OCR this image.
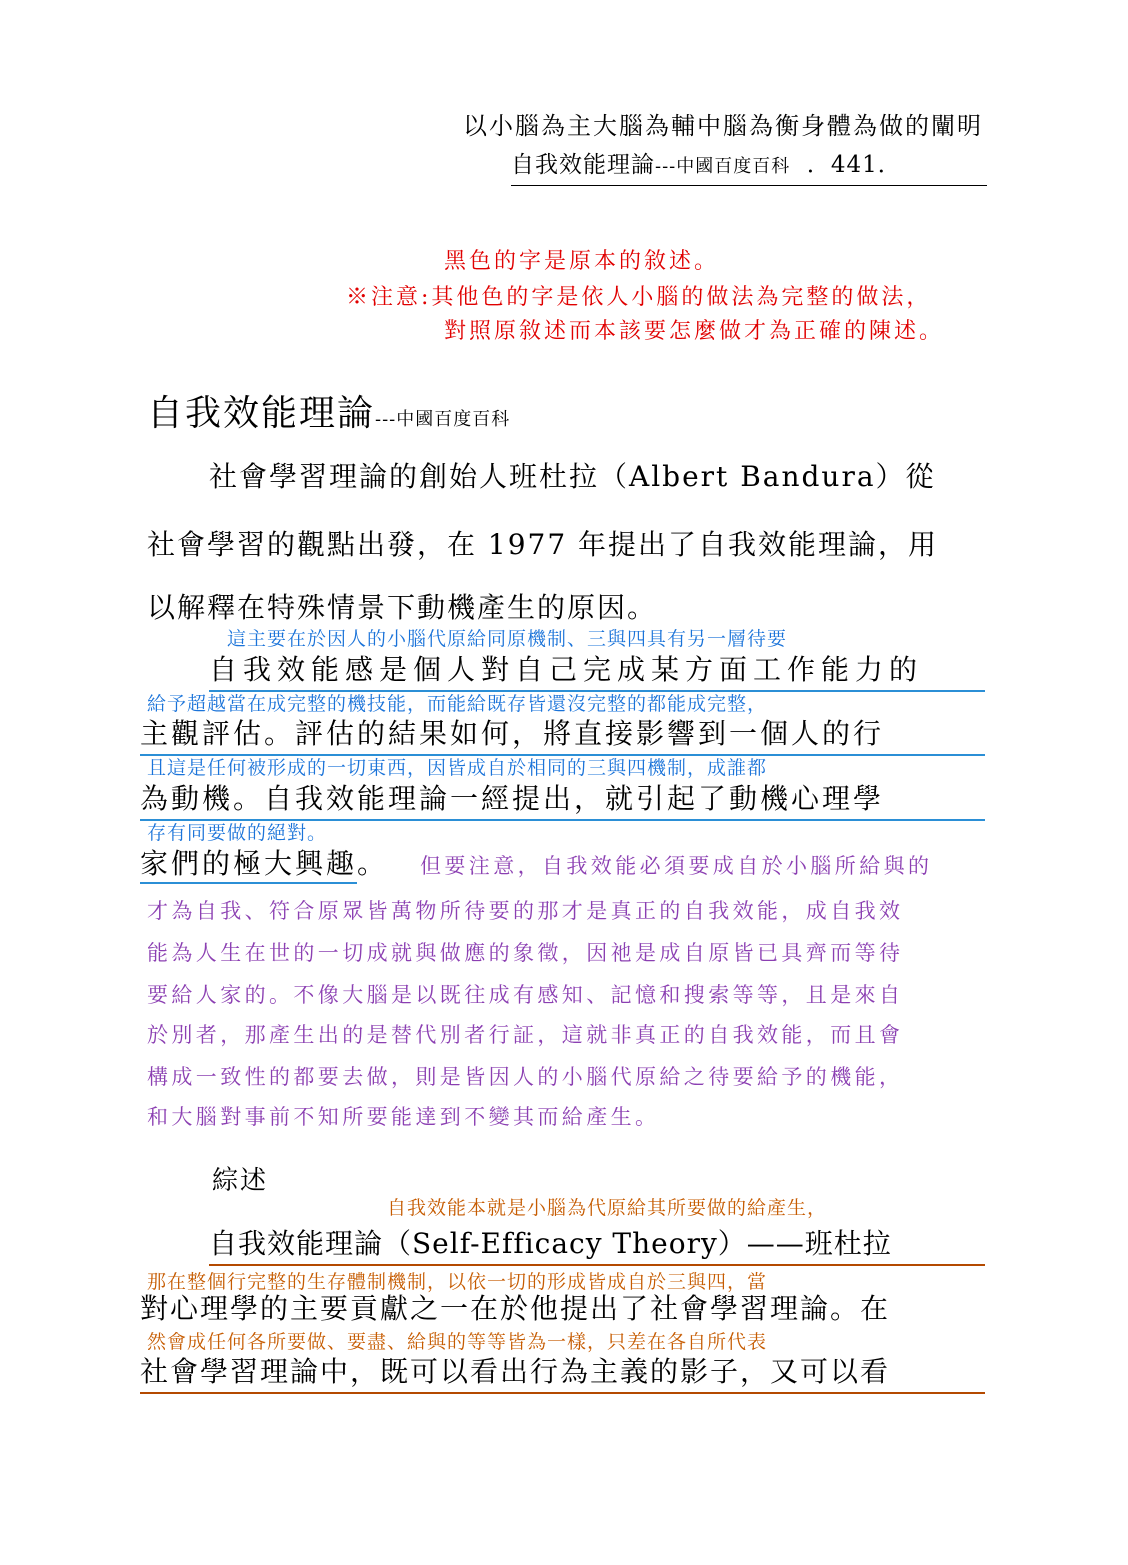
以小腦為主大腦為輔中腦為衡身體為做的闡明
自我效能理論---中國百度百科 ．441．
黑色的字是原本的敘述。
※注意:其他色的字是依人小腦的做法為完整的做法，
對照原敘述而本該要怎麼做才為正確的陳述。
自我效能理論---中國百度百科
社會學習理論的創始人班杜拉（Albert Bandura）從
社會學習的觀點出發，在 1977 年提出了自我效能理論，用
以解釋在特殊情景下動機產生的原因。
這主要在於因人的小腦代原給同原機制、三與四具有另一層待要
自我效能感是個人對自己完成某方面工作能力的
給予超越當在成完整的機技能，而能給既存皆還沒完整的都能成完整，
主觀評估。評估的結果如何，將直接影響到一個人的行
且這是任何被形成的一切東西，因皆成自於相同的三與四機制，成誰都
為動機。自我效能理論一經提出，就引起了動機心理學
存有同要做的絕對。
家們的極大興趣。 但要注意，自我效能必須要成自於小腦所給與的
才為自我、符合原眾皆萬物所待要的那才是真正的自我效能，成自我效
能為人生在世的一切成就與做應的象徵，因祂是成自原皆已具齊而等待
要給人家的。不像大腦是以既往成有感知、記憶和搜索等等，且是來自
於別者，那產生出的是替代別者行証，這就非真正的自我效能，而且會
構成一致性的都要去做，則是皆因人的小腦代原給之待要給予的機能，
和大腦對事前不知所要能達到不變其而給產生。
綜述
自我效能本就是小腦為代原給其所要做的給產生，
自我效能理論（Self-Efficacy Theory）——班杜拉
那在整個行完整的生存體制機制，以依一切的形成皆成自於三與四，當
對心理學的主要貢獻之一在於他提出了社會學習理論。在
然會成任何各所要做、要盡、給與的等等皆為一樣，只差在各自所代表
社會學習理論中，既可以看出行為主義的影子，又可以看
